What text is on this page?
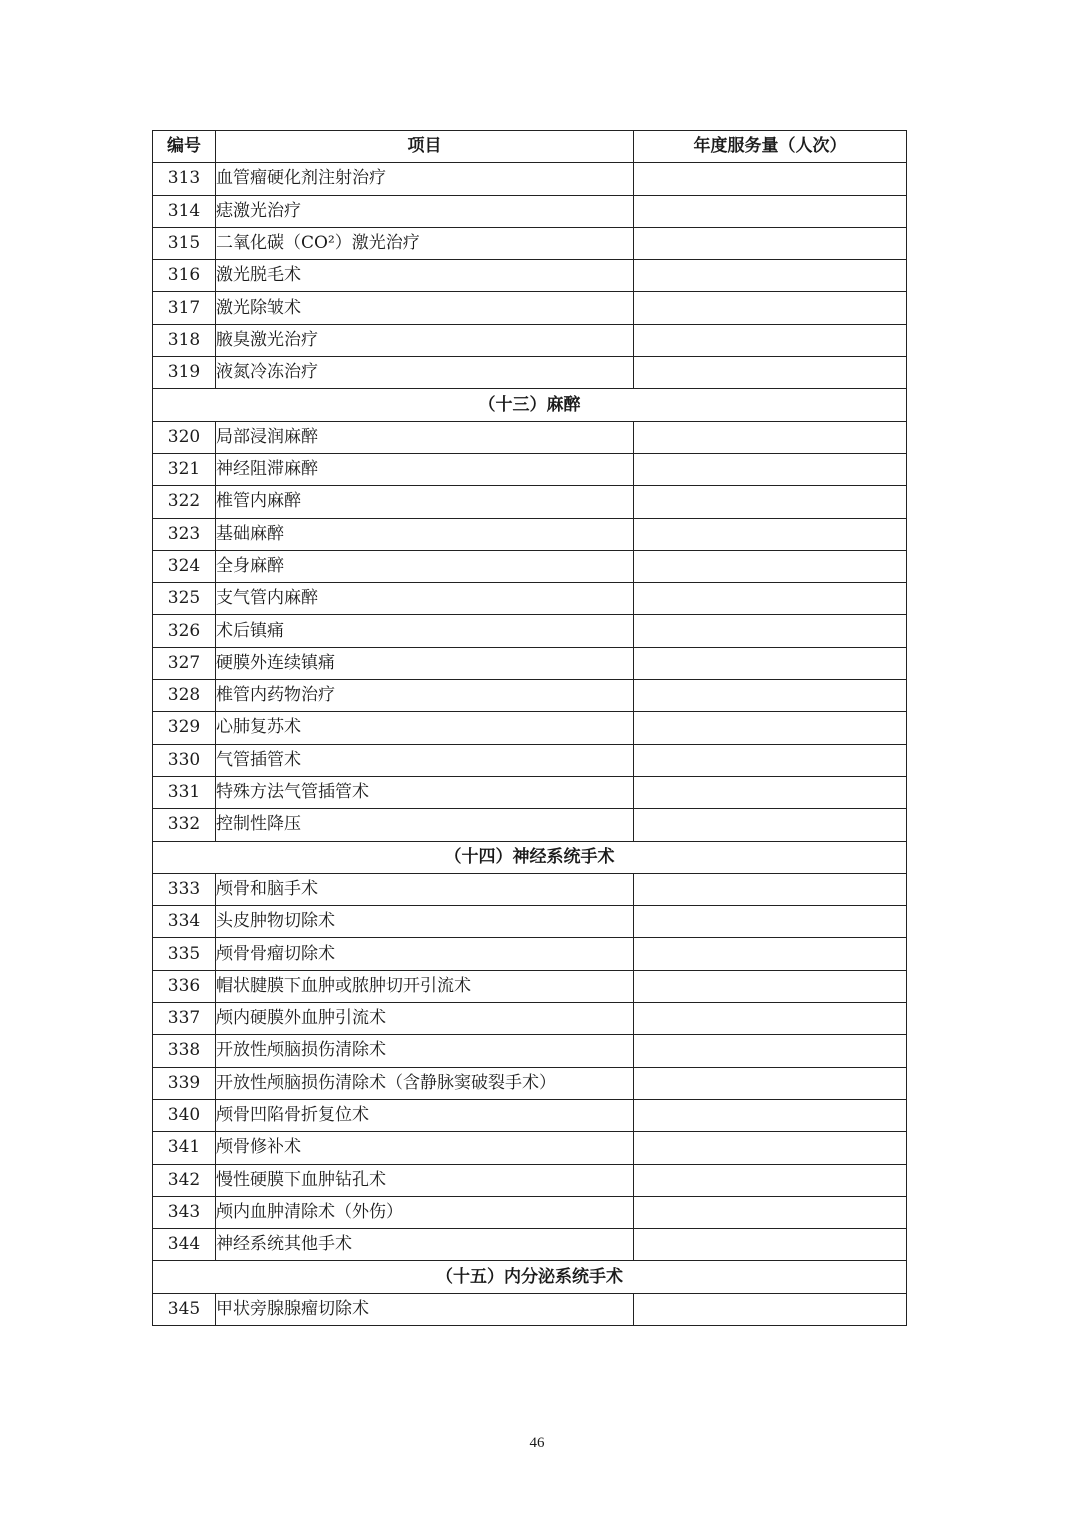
编号	项目	年度服务量（人次）
313	血管瘤硬化剂注射治疗	
314	痣激光治疗	
315	二氧化碳（CO²）激光治疗	
316	激光脱毛术	
317	激光除皱术	
318	腋臭激光治疗	
319	液氮冷冻治疗	
（十三）麻醉		
320	局部浸润麻醉	
321	神经阻滞麻醉	
322	椎管内麻醉	
323	基础麻醉	
324	全身麻醉	
325	支气管内麻醉	
326	术后镇痛	
327	硬膜外连续镇痛	
328	椎管内药物治疗	
329	心肺复苏术	
330	气管插管术	
331	特殊方法气管插管术	
332	控制性降压	
（十四）神经系统手术		
333	颅骨和脑手术	
334	头皮肿物切除术	
335	颅骨骨瘤切除术	
336	帽状腱膜下血肿或脓肿切开引流术	
337	颅内硬膜外血肿引流术	
338	开放性颅脑损伤清除术	
339	开放性颅脑损伤清除术（含静脉窦破裂手术）	
340	颅骨凹陷骨折复位术	
341	颅骨修补术	
342	慢性硬膜下血肿钻孔术	
343	颅内血肿清除术（外伤）	
344	神经系统其他手术	
（十五）内分泌系统手术		
345	甲状旁腺腺瘤切除术	
46
